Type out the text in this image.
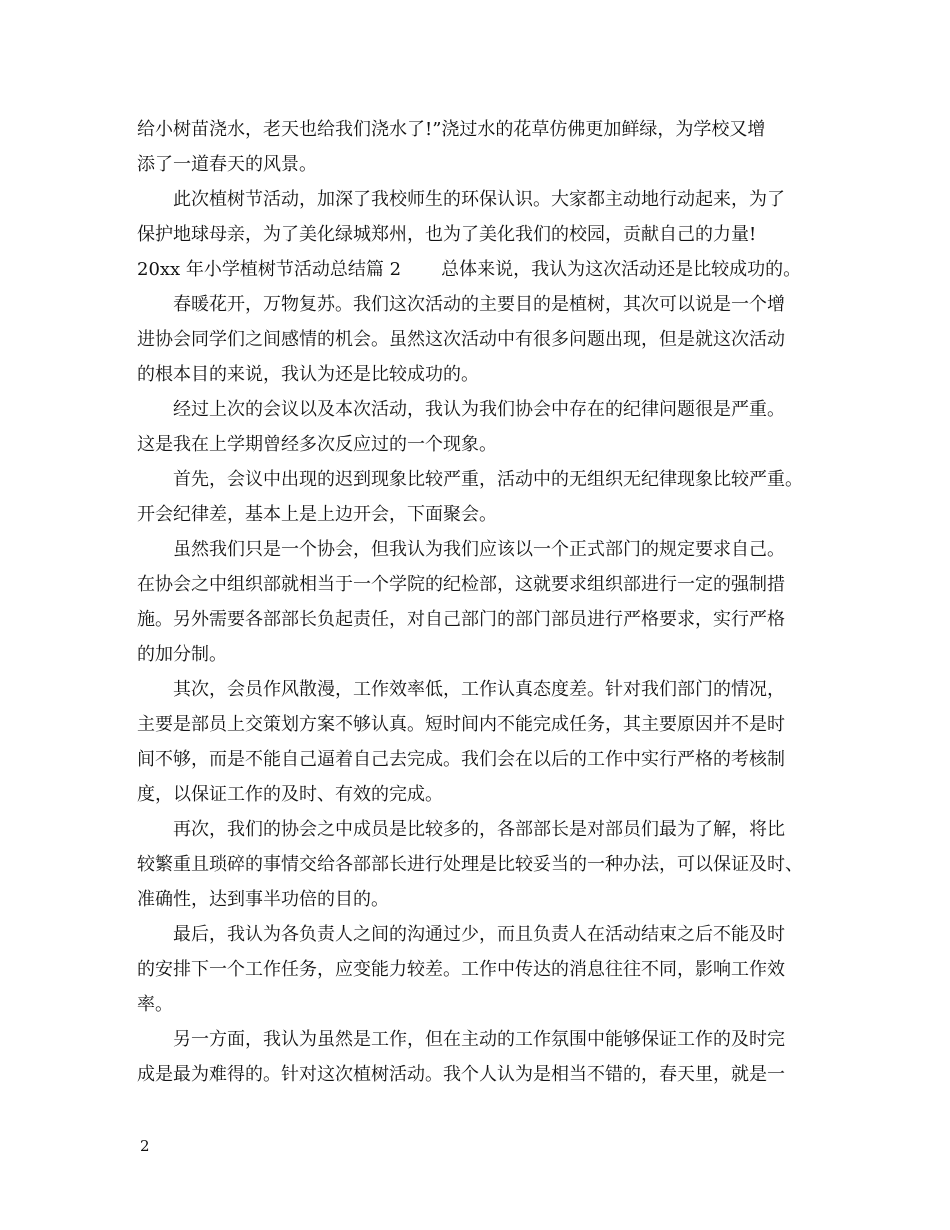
给小树苗浇水，老天也给我们浇水了!”浇过水的花草仿佛更加鲜绿，为学校又增
添了一道春天的风景。
此次植树节活动，加深了我校师生的环保认识。大家都主动地行动起来，为了
保护地球母亲，为了美化绿城郑州，也为了美化我们的校园，贡献自己的力量!
20xx 年小学植树节活动总结篇 2 总体来说，我认为这次活动还是比较成功的。
春暖花开，万物复苏。我们这次活动的主要目的是植树，其次可以说是一个增
进协会同学们之间感情的机会。虽然这次活动中有很多问题出现，但是就这次活动
的根本目的来说，我认为还是比较成功的。
经过上次的会议以及本次活动，我认为我们协会中存在的纪律问题很是严重。
这是我在上学期曾经多次反应过的一个现象。
首先，会议中出现的迟到现象比较严重，活动中的无组织无纪律现象比较严重。
开会纪律差，基本上是上边开会，下面聚会。
虽然我们只是一个协会，但我认为我们应该以一个正式部门的规定要求自己。
在协会之中组织部就相当于一个学院的纪检部，这就要求组织部进行一定的强制措
施。另外需要各部部长负起责任，对自己部门的部门部员进行严格要求，实行严格
的加分制。
其次，会员作风散漫，工作效率低，工作认真态度差。针对我们部门的情况，
主要是部员上交策划方案不够认真。短时间内不能完成任务，其主要原因并不是时
间不够，而是不能自己逼着自己去完成。我们会在以后的工作中实行严格的考核制
度，以保证工作的及时、有效的完成。
再次，我们的协会之中成员是比较多的，各部部长是对部员们最为了解，将比
较繁重且琐碎的事情交给各部部长进行处理是比较妥当的一种办法，可以保证及时、
准确性，达到事半功倍的目的。
最后，我认为各负责人之间的沟通过少，而且负责人在活动结束之后不能及时
的安排下一个工作任务，应变能力较差。工作中传达的消息往往不同，影响工作效
率。
另一方面，我认为虽然是工作，但在主动的工作氛围中能够保证工作的及时完
成是最为难得的。针对这次植树活动。我个人认为是相当不错的，春天里，就是一
2
